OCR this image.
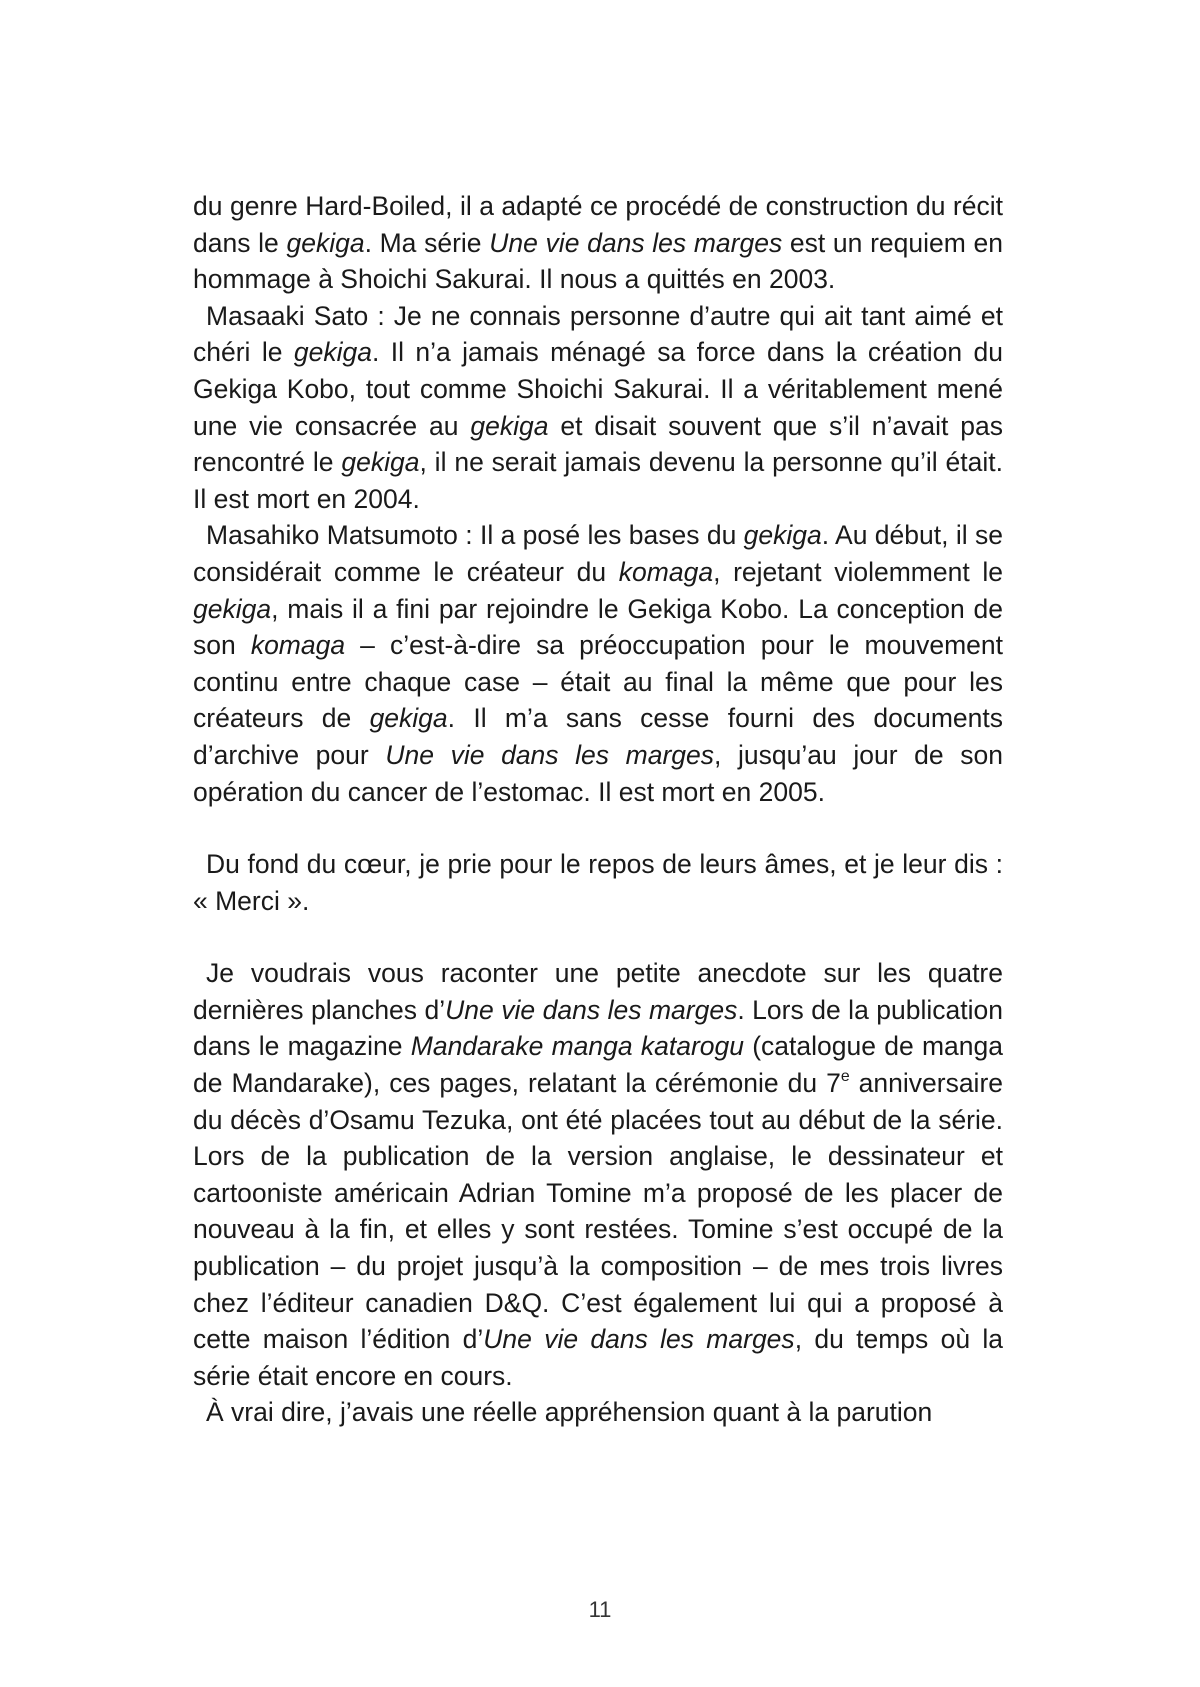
du genre Hard-Boiled, il a adapté ce procédé de construction du récit dans le gekiga. Ma série Une vie dans les marges est un requiem en hommage à Shoichi Sakurai. Il nous a quittés en 2003.

Masaaki Sato : Je ne connais personne d’autre qui ait tant aimé et chéri le gekiga. Il n’a jamais ménagé sa force dans la création du Gekiga Kobo, tout comme Shoichi Sakurai. Il a véritablement mené une vie consacrée au gekiga et disait souvent que s’il n’avait pas rencontré le gekiga, il ne serait jamais devenu la personne qu’il était. Il est mort en 2004.

Masahiko Matsumoto : Il a posé les bases du gekiga. Au début, il se considérait comme le créateur du komaga, rejetant violemment le gekiga, mais il a fini par rejoindre le Gekiga Kobo. La conception de son komaga – c’est-à-dire sa préoccupation pour le mouvement continu entre chaque case – était au final la même que pour les créateurs de gekiga. Il m’a sans cesse fourni des documents d’archive pour Une vie dans les marges, jusqu’au jour de son opération du cancer de l’estomac. Il est mort en 2005.

Du fond du cœur, je prie pour le repos de leurs âmes, et je leur dis : « Merci ».

Je voudrais vous raconter une petite anecdote sur les quatre dernières planches d’Une vie dans les marges. Lors de la publication dans le magazine Mandarake manga katarogu (catalogue de manga de Mandarake), ces pages, relatant la cérémonie du 7e anniversaire du décès d’Osamu Tezuka, ont été placées tout au début de la série. Lors de la publication de la version anglaise, le dessinateur et cartooniste américain Adrian Tomine m’a proposé de les placer de nouveau à la fin, et elles y sont restées. Tomine s’est occupé de la publication – du projet jusqu’à la composition – de mes trois livres chez l’éditeur canadien D&Q. C’est également lui qui a proposé à cette maison l’édition d’Une vie dans les marges, du temps où la série était encore en cours.

À vrai dire, j’avais une réelle appréhension quant à la parution

11
